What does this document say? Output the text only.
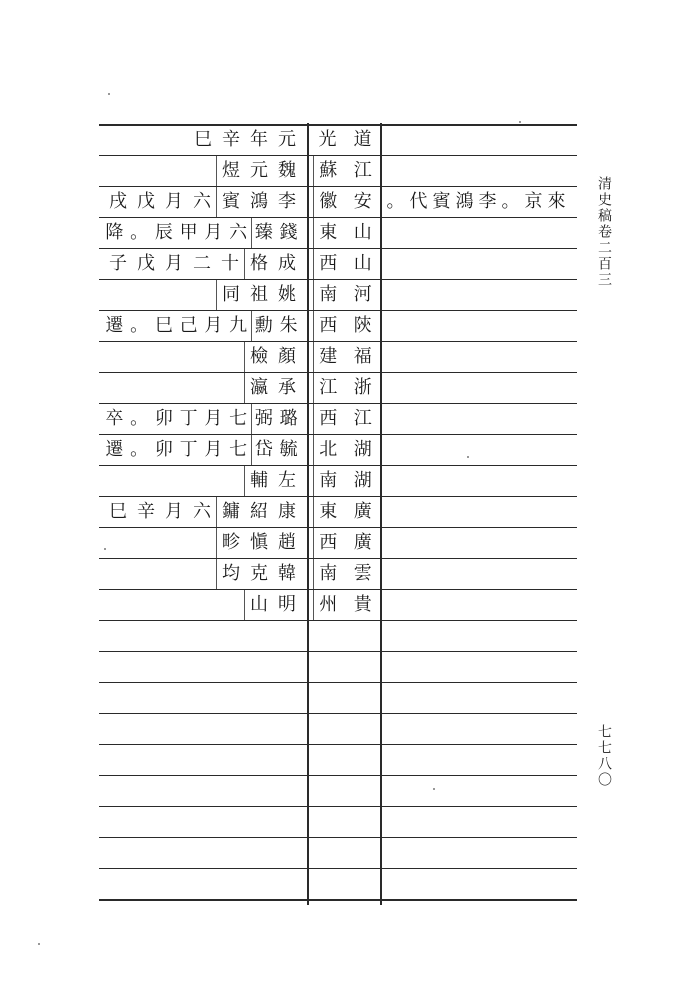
清史稿卷二百三
七七八〇
道
光
元
年
辛
巳
江
蘇
魏
元
煜
安
徽
李
鴻
賓
六
月
戊
戌	來
京
。
李
鴻
賓
代
。
山
東
錢
臻
六
月
甲
辰
。
降
山
西
成
格
十
二
月
戊
子
河
南
姚
祖
同
陝
西
朱
勳
九
月
己
巳
。
遷
福
建
顏
檢
浙
江
承
瀛
江
西
璐
弼
七
月
丁
卯
。
卒
湖
北
毓
岱
七
月
丁
卯
。
遷
湖
南
左
輔
廣
東
康
紹
鏞
六
月
辛
巳
廣
西
趙
愼
畛
雲
南
韓
克
均
貴
州
明
山
